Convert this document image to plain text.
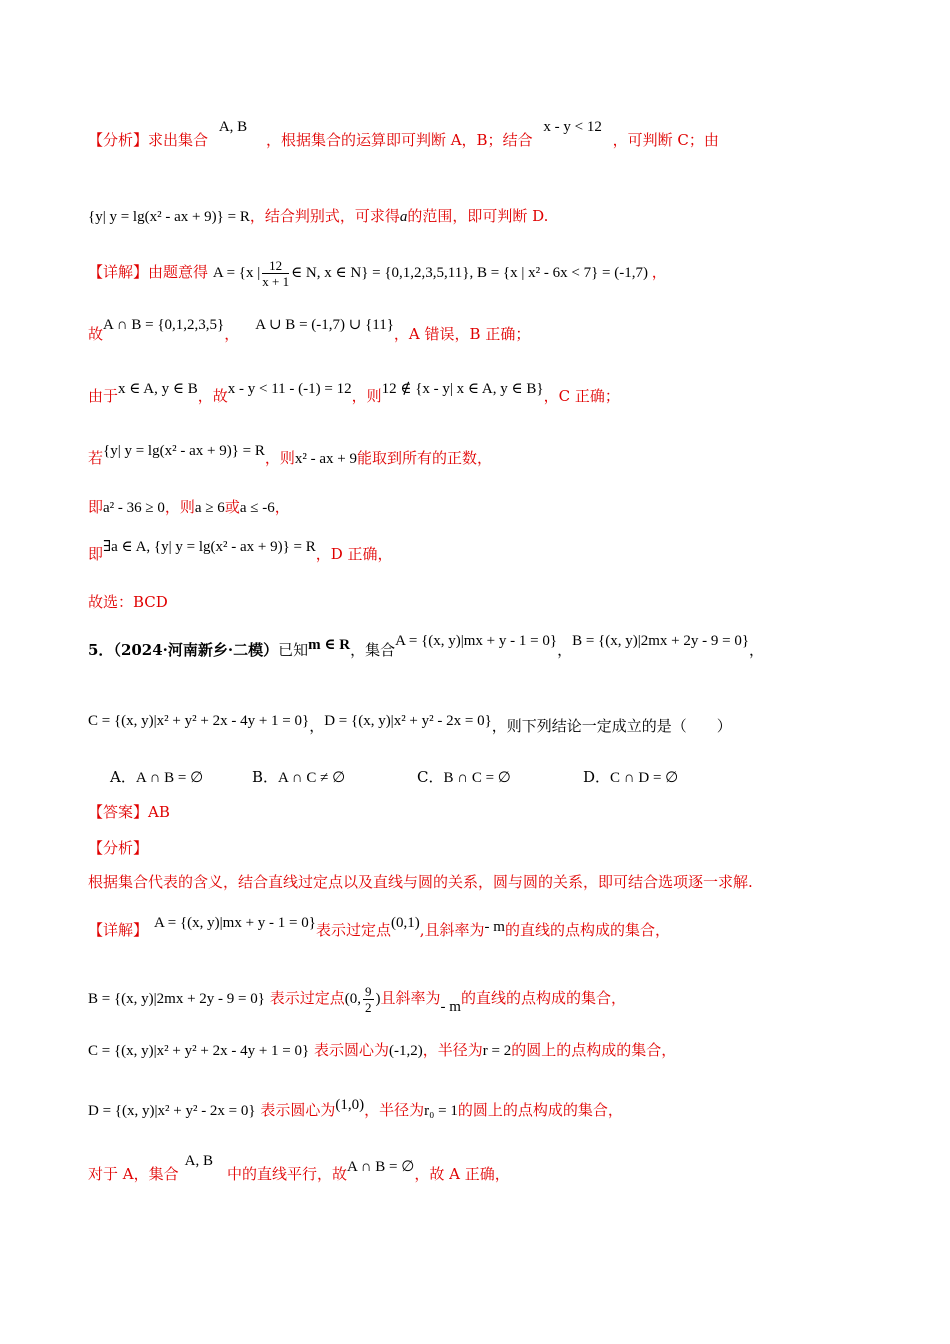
【分析】求出集合 A, B ，根据集合的运算即可判断 A，B；结合 x - y < 12 ，可判断 C；由
{y| y = lg(x² - ax + 9)} = R，结合判别式，可求得a的范围，即可判断 D.
【详解】由题意得 A = {x | $\frac{12}{x + 1}$ ∈ N, x ∈ N} = {0,1,2,3,5,11}, B = {x | x² - 6x < 7} = (-1,7) ，
故A ∩ B = {0,1,2,3,5}， A ∪ B = (-1,7) ∪ {11}，A 错误，B 正确；
由于x ∈ A, y ∈ B，故x - y < 11 - (-1) = 12，则12 ∉ {x - y| x ∈ A, y ∈ B}，C 正确；
若{y| y = lg(x² - ax + 9)} = R，则x² - ax + 9能取到所有的正数，
即a² - 36 ≥ 0，则a ≥ 6或a ≤ -6，
即∃a ∈ A, {y| y = lg(x² - ax + 9)} = R，D 正确，
故选：BCD
5．（2024·河南新乡·二模）已知m ∈ R，集合A = {(x, y)|mx + y - 1 = 0}，B = {(x, y)|2mx + 2y - 9 = 0}，
C = {(x, y)|x² + y² + 2x - 4y + 1 = 0}，D = {(x, y)|x² + y² - 2x = 0}，则下列结论一定成立的是（　　）
A．A ∩ B = ∅	B．A ∩ C ≠ ∅	C．B ∩ C = ∅	D．C ∩ D = ∅
【答案】AB
【分析】
根据集合代表的含义，结合直线过定点以及直线与圆的关系，圆与圆的关系，即可结合选项逐一求解.
【详解】 A = {(x, y)|mx + y - 1 = 0}表示过定点(0,1),且斜率为- m的直线的点构成的集合，
B = {(x, y)|2mx + 2y - 9 = 0} 表示过定点(0, $\frac{9}{2}$ )且斜率为- m的直线的点构成的集合，
C = {(x, y)|x² + y² + 2x - 4y + 1 = 0} 表示圆心为(-1,2)，半径为r = 2的圆上的点构成的集合，
D = {(x, y)|x² + y² - 2x = 0} 表示圆心为(1,0)，半径为r₀ = 1的圆上的点构成的集合，
对于 A，集合A, B中的直线平行，故A ∩ B = ∅，故 A 正确，
